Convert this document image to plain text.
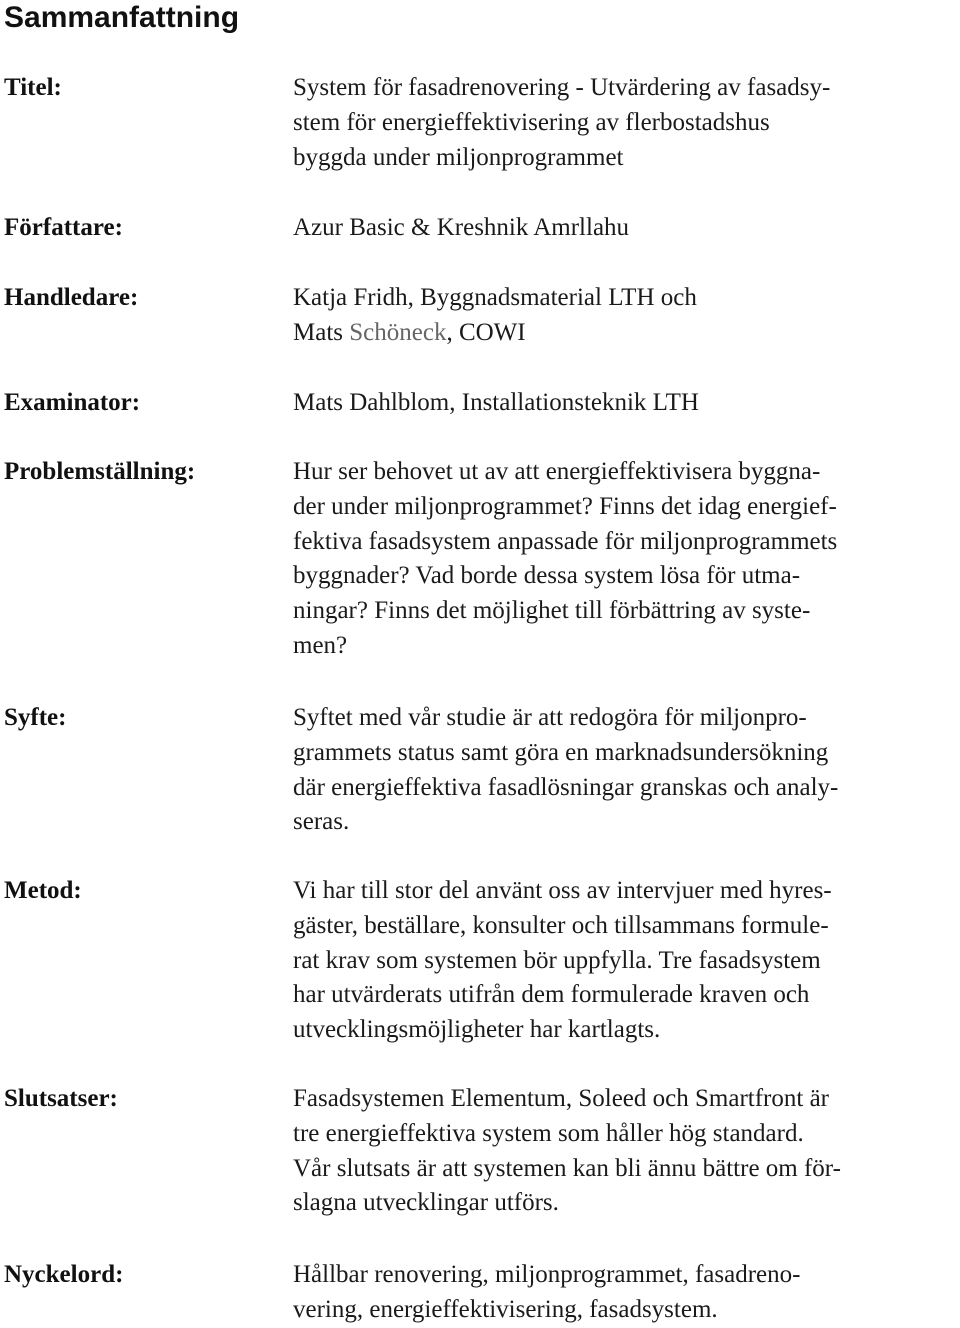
Sammanfattning
Titel:	System för fasadrenovering - Utvärdering av fasadsy-
stem för energieffektivisering av flerbostadshus
byggda under miljonprogrammet
Författare:	Azur Basic & Kreshnik Amrllahu
Handledare:	Katja Fridh, Byggnadsmaterial LTH och
Mats Schöneck, COWI
Examinator:	Mats Dahlblom, Installationsteknik LTH
Problemställning:	Hur ser behovet ut av att energieffektivisera byggna-
der under miljonprogrammet? Finns det idag energief-
fektiva fasadsystem anpassade för miljonprogrammets
byggnader? Vad borde dessa system lösa för utma-
ningar? Finns det möjlighet till förbättring av syste-
men?
Syfte:	Syftet med vår studie är att redogöra för miljonpro-
grammets status samt göra en marknadsundersökning
där energieffektiva fasadlösningar granskas och analy-
seras.
Metod:	Vi har till stor del använt oss av intervjuer med hyres-
gäster, beställare, konsulter och tillsammans formule-
rat krav som systemen bör uppfylla. Tre fasadsystem
har utvärderats utifrån dem formulerade kraven och
utvecklingsmöjligheter har kartlagts.
Slutsatser:	Fasadsystemen Elementum, Soleed och Smartfront är
tre energieffektiva system som håller hög standard.
Vår slutsats är att systemen kan bli ännu bättre om för-
slagna utvecklingar utförs.
Nyckelord:	Hållbar renovering, miljonprogrammet, fasadreno-
vering, energieffektivisering, fasadsystem.
